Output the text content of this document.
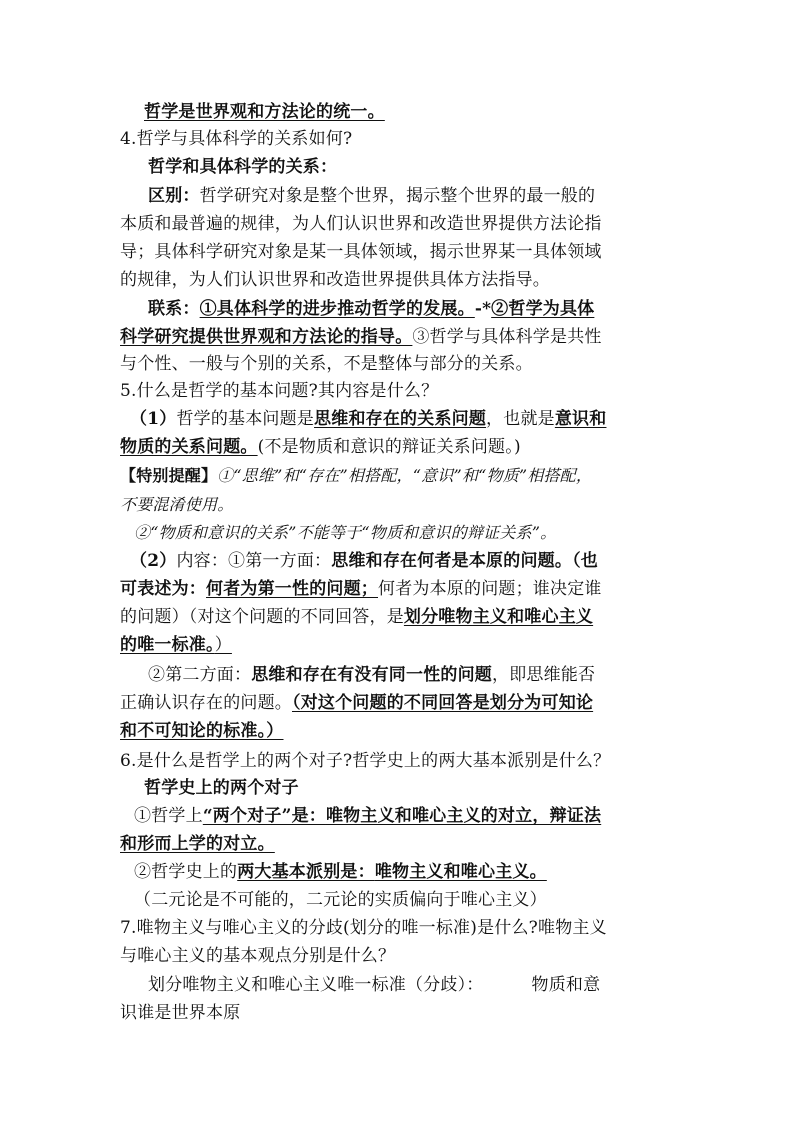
哲学是世界观和方法论的统一。
4.哲学与具体科学的关系如何?
哲学和具体科学的关系：
区别：哲学研究对象是整个世界，揭示整个世界的最一般的
本质和最普遍的规律，为人们认识世界和改造世界提供方法论指
导；具体科学研究对象是某一具体领域，揭示世界某一具体领域
的规律，为人们认识世界和改造世界提供具体方法指导。
联系：①具体科学的进步推动哲学的发展。-*②哲学为具体
科学研究提供世界观和方法论的指导。③哲学与具体科学是共性
与个性、一般与个别的关系，不是整体与部分的关系。
5.什么是哲学的基本问题?其内容是什么？
（1）哲学的基本问题是思维和存在的关系问题，也就是意识和
物质的关系问题。(不是物质和意识的辩证关系问题。)
【特别提醒】①“思维”和“存在”相搭配，“意识”和“物质”相搭配，
不要混淆使用。
②“物质和意识的关系”不能等于“物质和意识的辩证关系”。
（2）内容：①第一方面：思维和存在何者是本原的问题。（也
可表述为：何者为第一性的问题；何者为本原的问题；谁决定谁
的问题）（对这个问题的不同回答，是划分唯物主义和唯心主义
的唯一标准。）
②第二方面：思维和存在有没有同一性的问题，即思维能否
正确认识存在的问题。（对这个问题的不同回答是划分为可知论
和不可知论的标准。）
6.是什么是哲学上的两个对子?哲学史上的两大基本派别是什么？
哲学史上的两个对子
①哲学上“两个对子”是：唯物主义和唯心主义的对立，辩证法
和形而上学的对立。
②哲学史上的两大基本派别是：唯物主义和唯心主义。
（二元论是不可能的，二元论的实质偏向于唯心主义）
7.唯物主义与唯心主义的分歧(划分的唯一标准)是什么?唯物主义
与唯心主义的基本观点分别是什么？
划分唯物主义和唯心主义唯一标准（分歧）：	物质和意
识谁是世界本原
